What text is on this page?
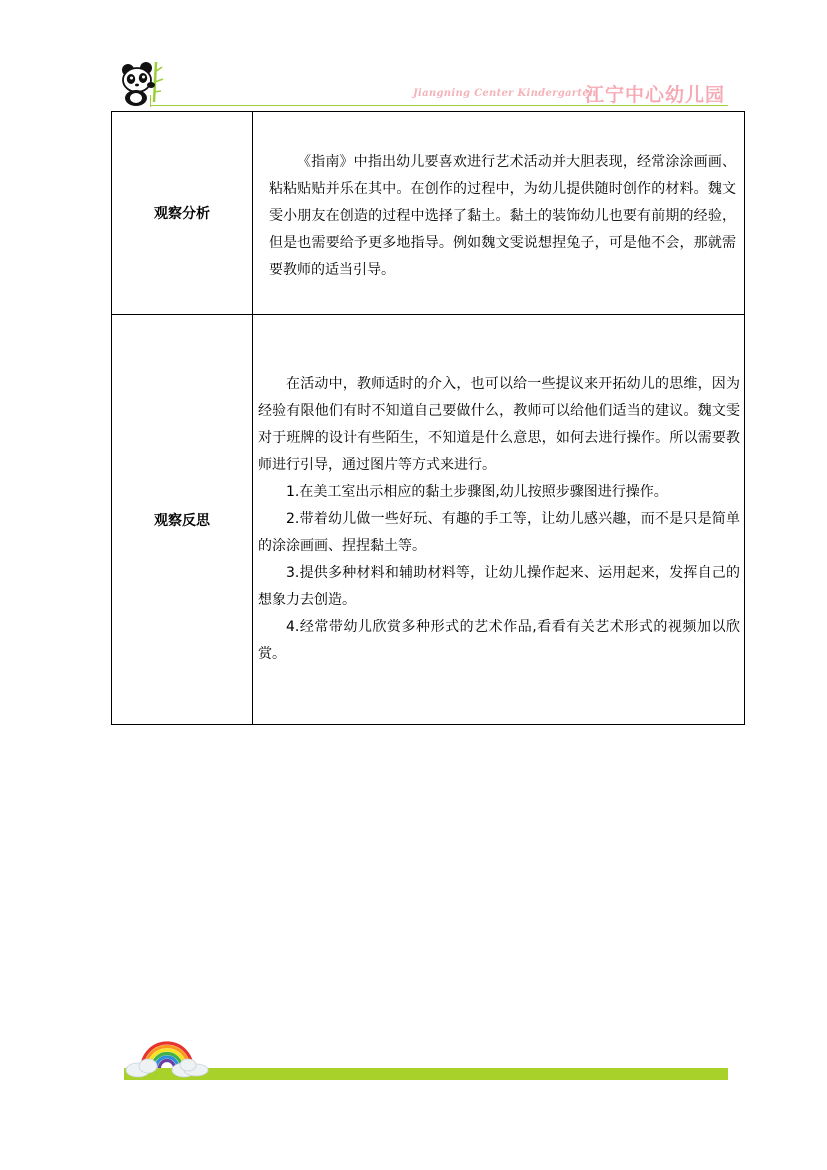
Jiangning Center Kindergarten
江宁中心幼儿园
观察分析	《指南》中指出幼儿要喜欢进行艺术活动并大胆表现，经常涂涂画画、粘粘贴贴并乐在其中。在创作的过程中，为幼儿提供随时创作的材料。魏文雯小朋友在创造的过程中选择了黏土。黏土的装饰幼儿也要有前期的经验，但是也需要给予更多地指导。例如魏文雯说想捏兔子，可是他不会，那就需要教师的适当引导。

观察反思	在活动中，教师适时的介入，也可以给一些提议来开拓幼儿的思维，因为经验有限他们有时不知道自己要做什么，教师可以给他们适当的建议。魏文雯对于班牌的设计有些陌生，不知道是什么意思，如何去进行操作。所以需要教师进行引导，通过图片等方式来进行。

1.在美工室出示相应的黏土步骤图,幼儿按照步骤图进行操作。

2.带着幼儿做一些好玩、有趣的手工等，让幼儿感兴趣，而不是只是简单的涂涂画画、捏捏黏土等。

3.提供多种材料和辅助材料等，让幼儿操作起来、运用起来，发挥自己的想象力去创造。

4.经常带幼儿欣赏多种形式的艺术作品,看看有关艺术形式的视频加以欣赏。
